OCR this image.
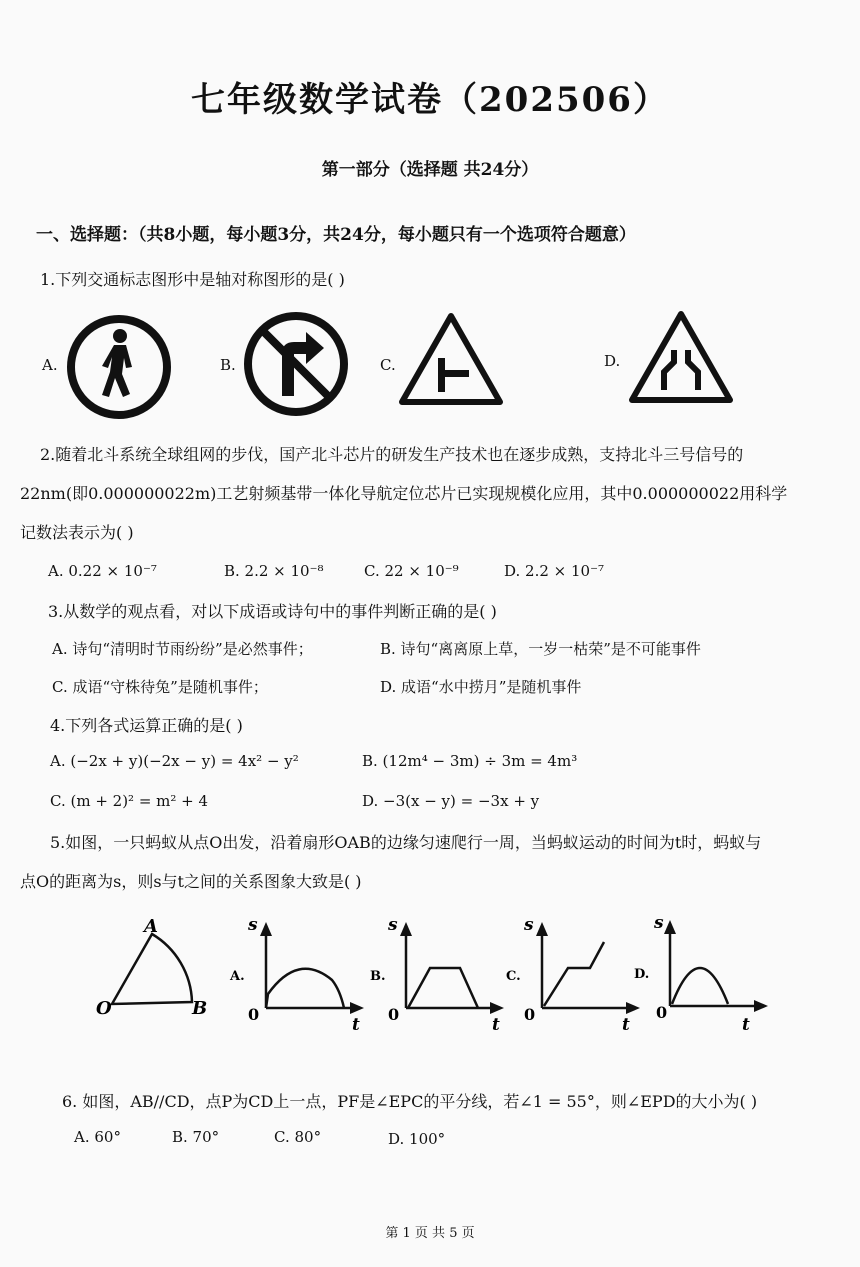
七年级数学试卷（202506）
第一部分（选择题 共24分）
一、选择题：（共8小题，每小题3分，共24分，每小题只有一个选项符合题意）
1.下列交通标志图形中是轴对称图形的是( )
A.	B.	C.	D.
2.随着北斗系统全球组网的步伐，国产北斗芯片的研发生产技术也在逐步成熟，支持北斗三号信号的
22nm(即0.000000022m)工艺射频基带一体化导航定位芯片已实现规模化应用，其中0.000000022用科学
记数法表示为( )
A. 0.22 × 10⁻⁷	B. 2.2 × 10⁻⁸	C. 22 × 10⁻⁹	D. 2.2 × 10⁻⁷
3.从数学的观点看，对以下成语或诗句中的事件判断正确的是( )
A. 诗句“清明时节雨纷纷”是必然事件；	B. 诗句“离离原上草，一岁一枯荣”是不可能事件
C. 成语“守株待兔”是随机事件；	D. 成语“水中捞月”是随机事件
4.下列各式运算正确的是( )
A. (−2x + y)(−2x − y) = 4x² − y²	B. (12m⁴ − 3m) ÷ 3m = 4m³
C. (m + 2)² = m² + 4	D. −3(x − y) = −3x + y
5.如图，一只蚂蚁从点O出发，沿着扇形OAB的边缘匀速爬行一周，当蚂蚁运动的时间为t时，蚂蚁与
点O的距离为s，则s与t之间的关系图象大致是( )
A
O	B
A.
s
0
t
B.
s
0
t
C.
s
0
t
D.
s
0
t
6. 如图，AB//CD，点P为CD上一点，PF是∠EPC的平分线，若∠1 = 55°，则∠EPD的大小为( )
A. 60°	B. 70°	C. 80°	D. 100°
第 1 页 共 5 页
